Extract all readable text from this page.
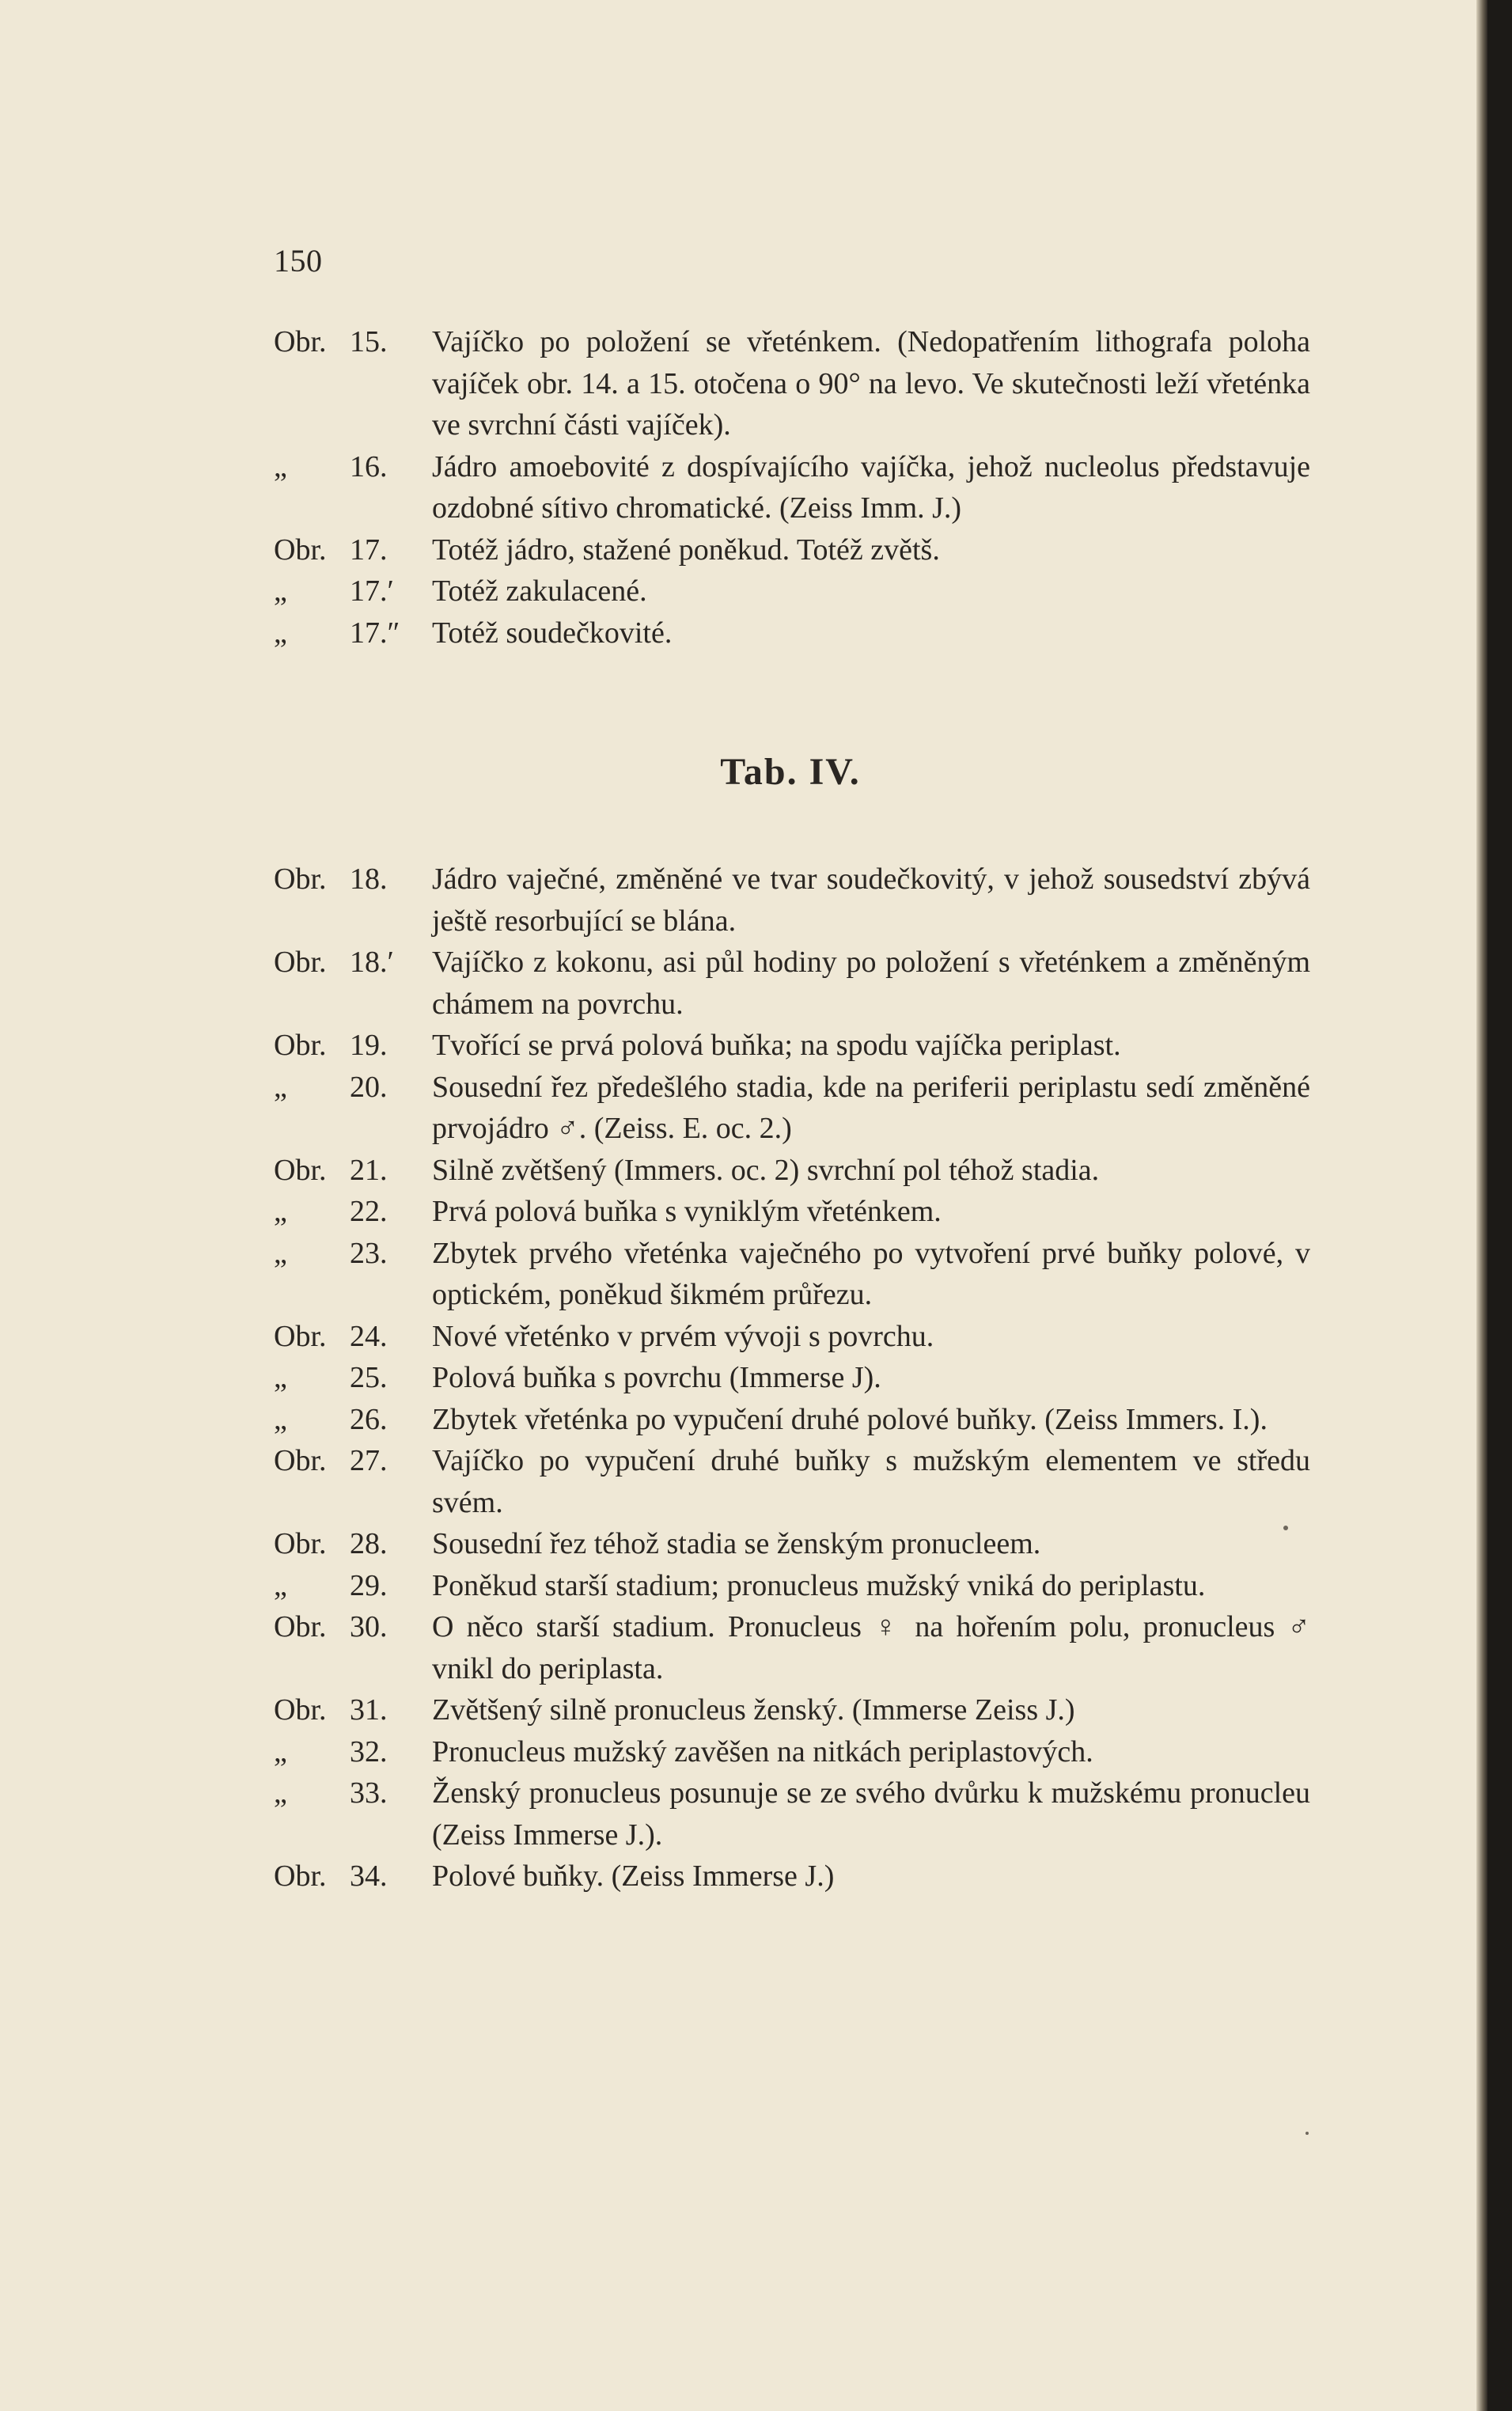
150
Obr. 15.	Vajíčko po položení se vřeténkem. (Nedopatřením lithografa poloha vajíček obr. 14. a 15. otočena o 90° na levo. Ve skutečnosti leží vřeténka ve svrchní části vajíček).
„ 16.	Jádro amoebovité z dospívajícího vajíčka, jehož nucleolus představuje ozdobné sítivo chromatické. (Zeiss Imm. J.)
Obr. 17.	Totéž jádro, stažené poněkud. Totéž zvětš.
„ 17.′ Totéž zakulacené.
„ 17.″ Totéž soudečkovité.
Tab. IV.
Obr. 18.	Jádro vaječné, změněné ve tvar soudečkovitý, v jehož sousedství zbývá ještě resorbující se blána.
Obr. 18.′ Vajíčko z kokonu, asi půl hodiny po položení s vřeténkem a změněným chámem na povrchu.
Obr. 19.	Tvořící se prvá polová buňka; na spodu vajíčka periplast.
„ 20.	Sousední řez předešlého stadia, kde na periferii periplastu sedí změněné prvojádro ♂. (Zeiss. E. oc. 2.)
Obr. 21.	Silně zvětšený (Immers. oc. 2) svrchní pol téhož stadia.
„ 22.	Prvá polová buňka s vyniklým vřeténkem.
„ 23.	Zbytek prvého vřeténka vaječného po vytvoření prvé buňky polové, v optickém, poněkud šikmém průřezu.
Obr. 24.	Nové vřeténko v prvém vývoji s povrchu.
„ 25.	Polová buňka s povrchu (Immerse J).
„ 26.	Zbytek vřeténka po vypučení druhé polové buňky. (Zeiss Immers. I.).
Obr. 27.	Vajíčko po vypučení druhé buňky s mužským elementem ve středu svém.
Obr. 28.	Sousední řez téhož stadia se ženským pronucleem.
„ 29.	Poněkud starší stadium; pronucleus mužský vniká do periplastu.
Obr. 30.	O něco starší stadium. Pronucleus ♀ na hořením polu, pronucleus ♂ vnikl do periplasta.
Obr. 31.	Zvětšený silně pronucleus ženský. (Immerse Zeiss J.)
„ 32.	Pronucleus mužský zavěšen na nitkách periplastových.
„ 33.	Ženský pronucleus posunuje se ze svého dvůrku k mužskému pronucleu (Zeiss Immerse J.).
Obr. 34.	Polové buňky. (Zeiss Immerse J.)
